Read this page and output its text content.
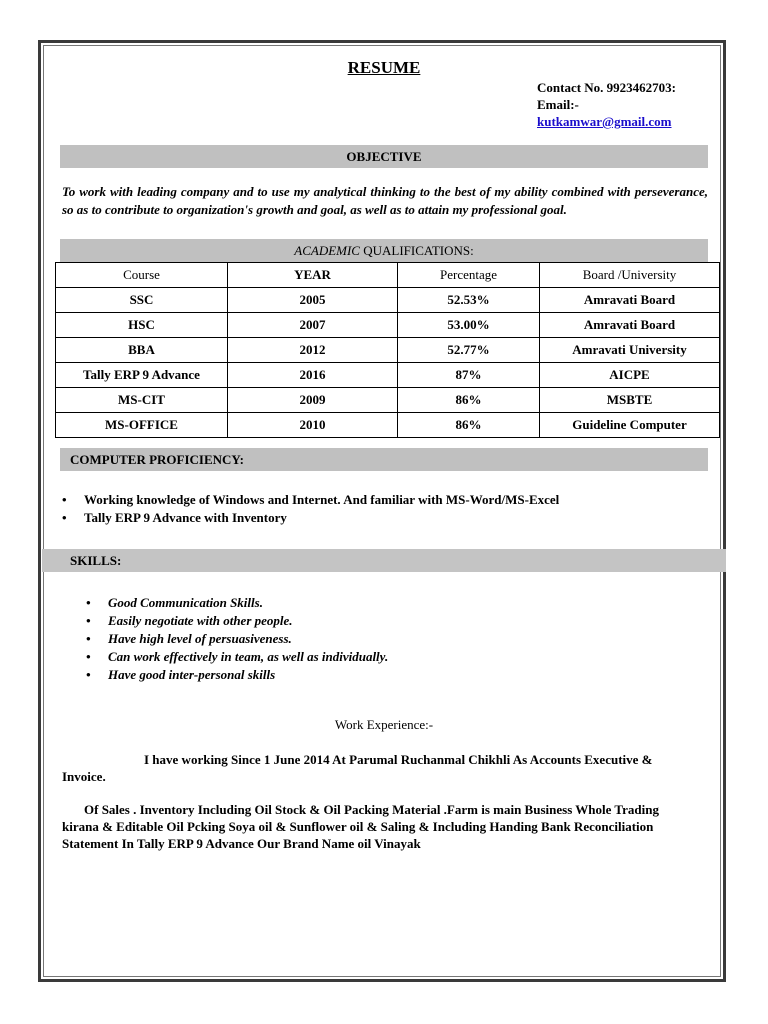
RESUME
Contact No. 9923462703:
Email:-
kutkamwar@gmail.com
OBJECTIVE
To work with leading company and to use my analytical thinking to the best of my ability combined with perseverance, so as to contribute to organization's growth and goal, as well as to attain my professional goal.
ACADEMIC QUALIFICATIONS:
Course	YEAR	Percentage	Board /University
SSC	2005	52.53%	Amravati Board
HSC	2007	53.00%	Amravati Board
BBA	2012	52.77%	Amravati University
Tally ERP 9 Advance	2016	87%	AICPE
MS-CIT	2009	86%	MSBTE
MS-OFFICE	2010	86%	Guideline Computer
COMPUTER PROFICIENCY:
• Working knowledge of Windows and Internet. And familiar with MS-Word/MS-Excel
• Tally ERP 9 Advance with Inventory
SKILLS:
• Good Communication Skills.
• Easily negotiate with other people.
• Have high level of persuasiveness.
• Can work effectively in team, as well as individually.
• Have good inter-personal skills
Work Experience:-
I have working Since 1 June 2014 At Parumal Ruchanmal Chikhli As Accounts Executive &
Invoice.
Of Sales . Inventory Including Oil Stock & Oil Packing Material .Farm is main Business Whole Trading
kirana & Editable Oil Pcking Soya oil & Sunflower oil & Saling & Including Handing Bank Reconciliation
Statement In Tally ERP 9 Advance Our Brand Name oil Vinayak
